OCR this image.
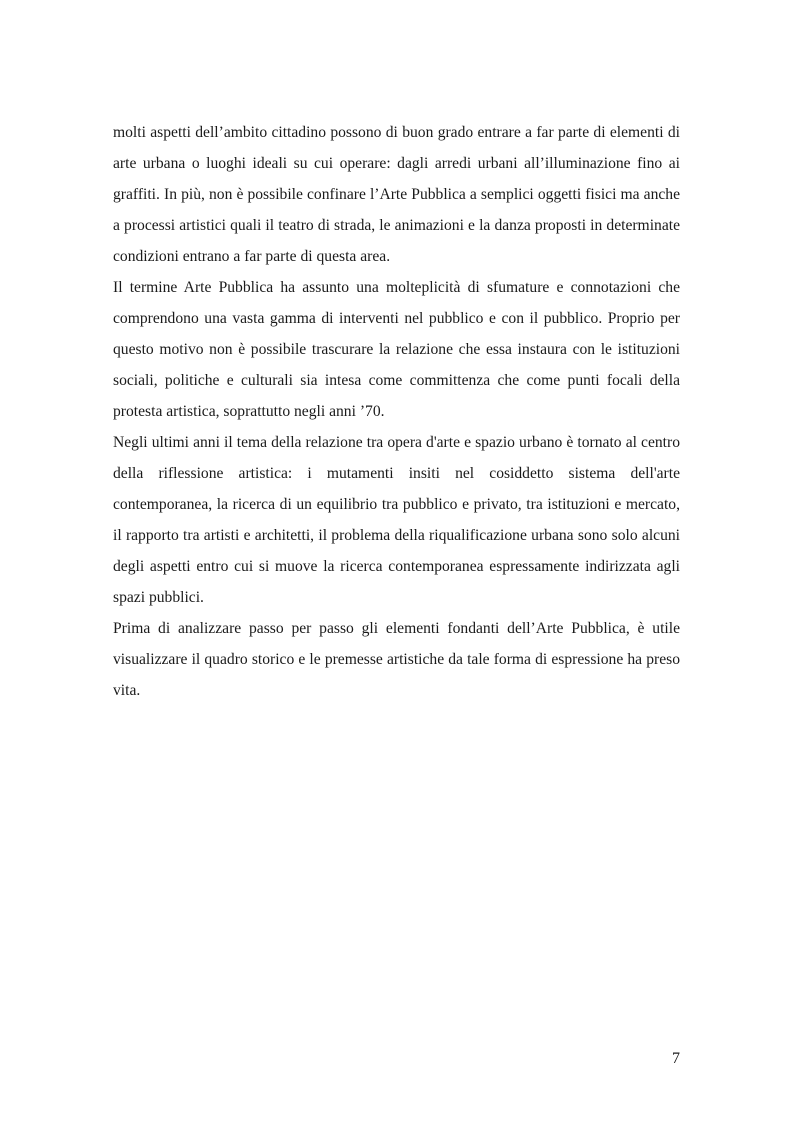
molti aspetti dell’ambito cittadino possono di buon grado entrare a far parte di elementi di arte urbana o luoghi ideali su cui operare: dagli arredi urbani all’illuminazione fino ai graffiti. In più, non è possibile confinare l’Arte Pubblica a semplici oggetti fisici ma anche a processi artistici quali il teatro di strada, le animazioni e la danza proposti in determinate condizioni entrano a far parte di questa area.

Il termine Arte Pubblica ha assunto una molteplicità di sfumature e connotazioni che comprendono una vasta gamma di interventi nel pubblico e con il pubblico. Proprio per questo motivo non è possibile trascurare la relazione che essa instaura con le istituzioni sociali, politiche e culturali sia intesa come committenza che come punti focali della protesta artistica, soprattutto negli anni ’70.

Negli ultimi anni il tema della relazione tra opera d'arte e spazio urbano è tornato al centro della riflessione artistica: i mutamenti insiti nel cosiddetto sistema dell'arte contemporanea, la ricerca di un equilibrio tra pubblico e privato, tra istituzioni e mercato, il rapporto tra artisti e architetti, il problema della riqualificazione urbana sono solo alcuni degli aspetti entro cui si muove la ricerca contemporanea espressamente indirizzata agli spazi pubblici.

Prima di analizzare passo per passo gli elementi fondanti dell’Arte Pubblica, è utile visualizzare il quadro storico e le premesse artistiche da tale forma di espressione ha preso vita.

7
